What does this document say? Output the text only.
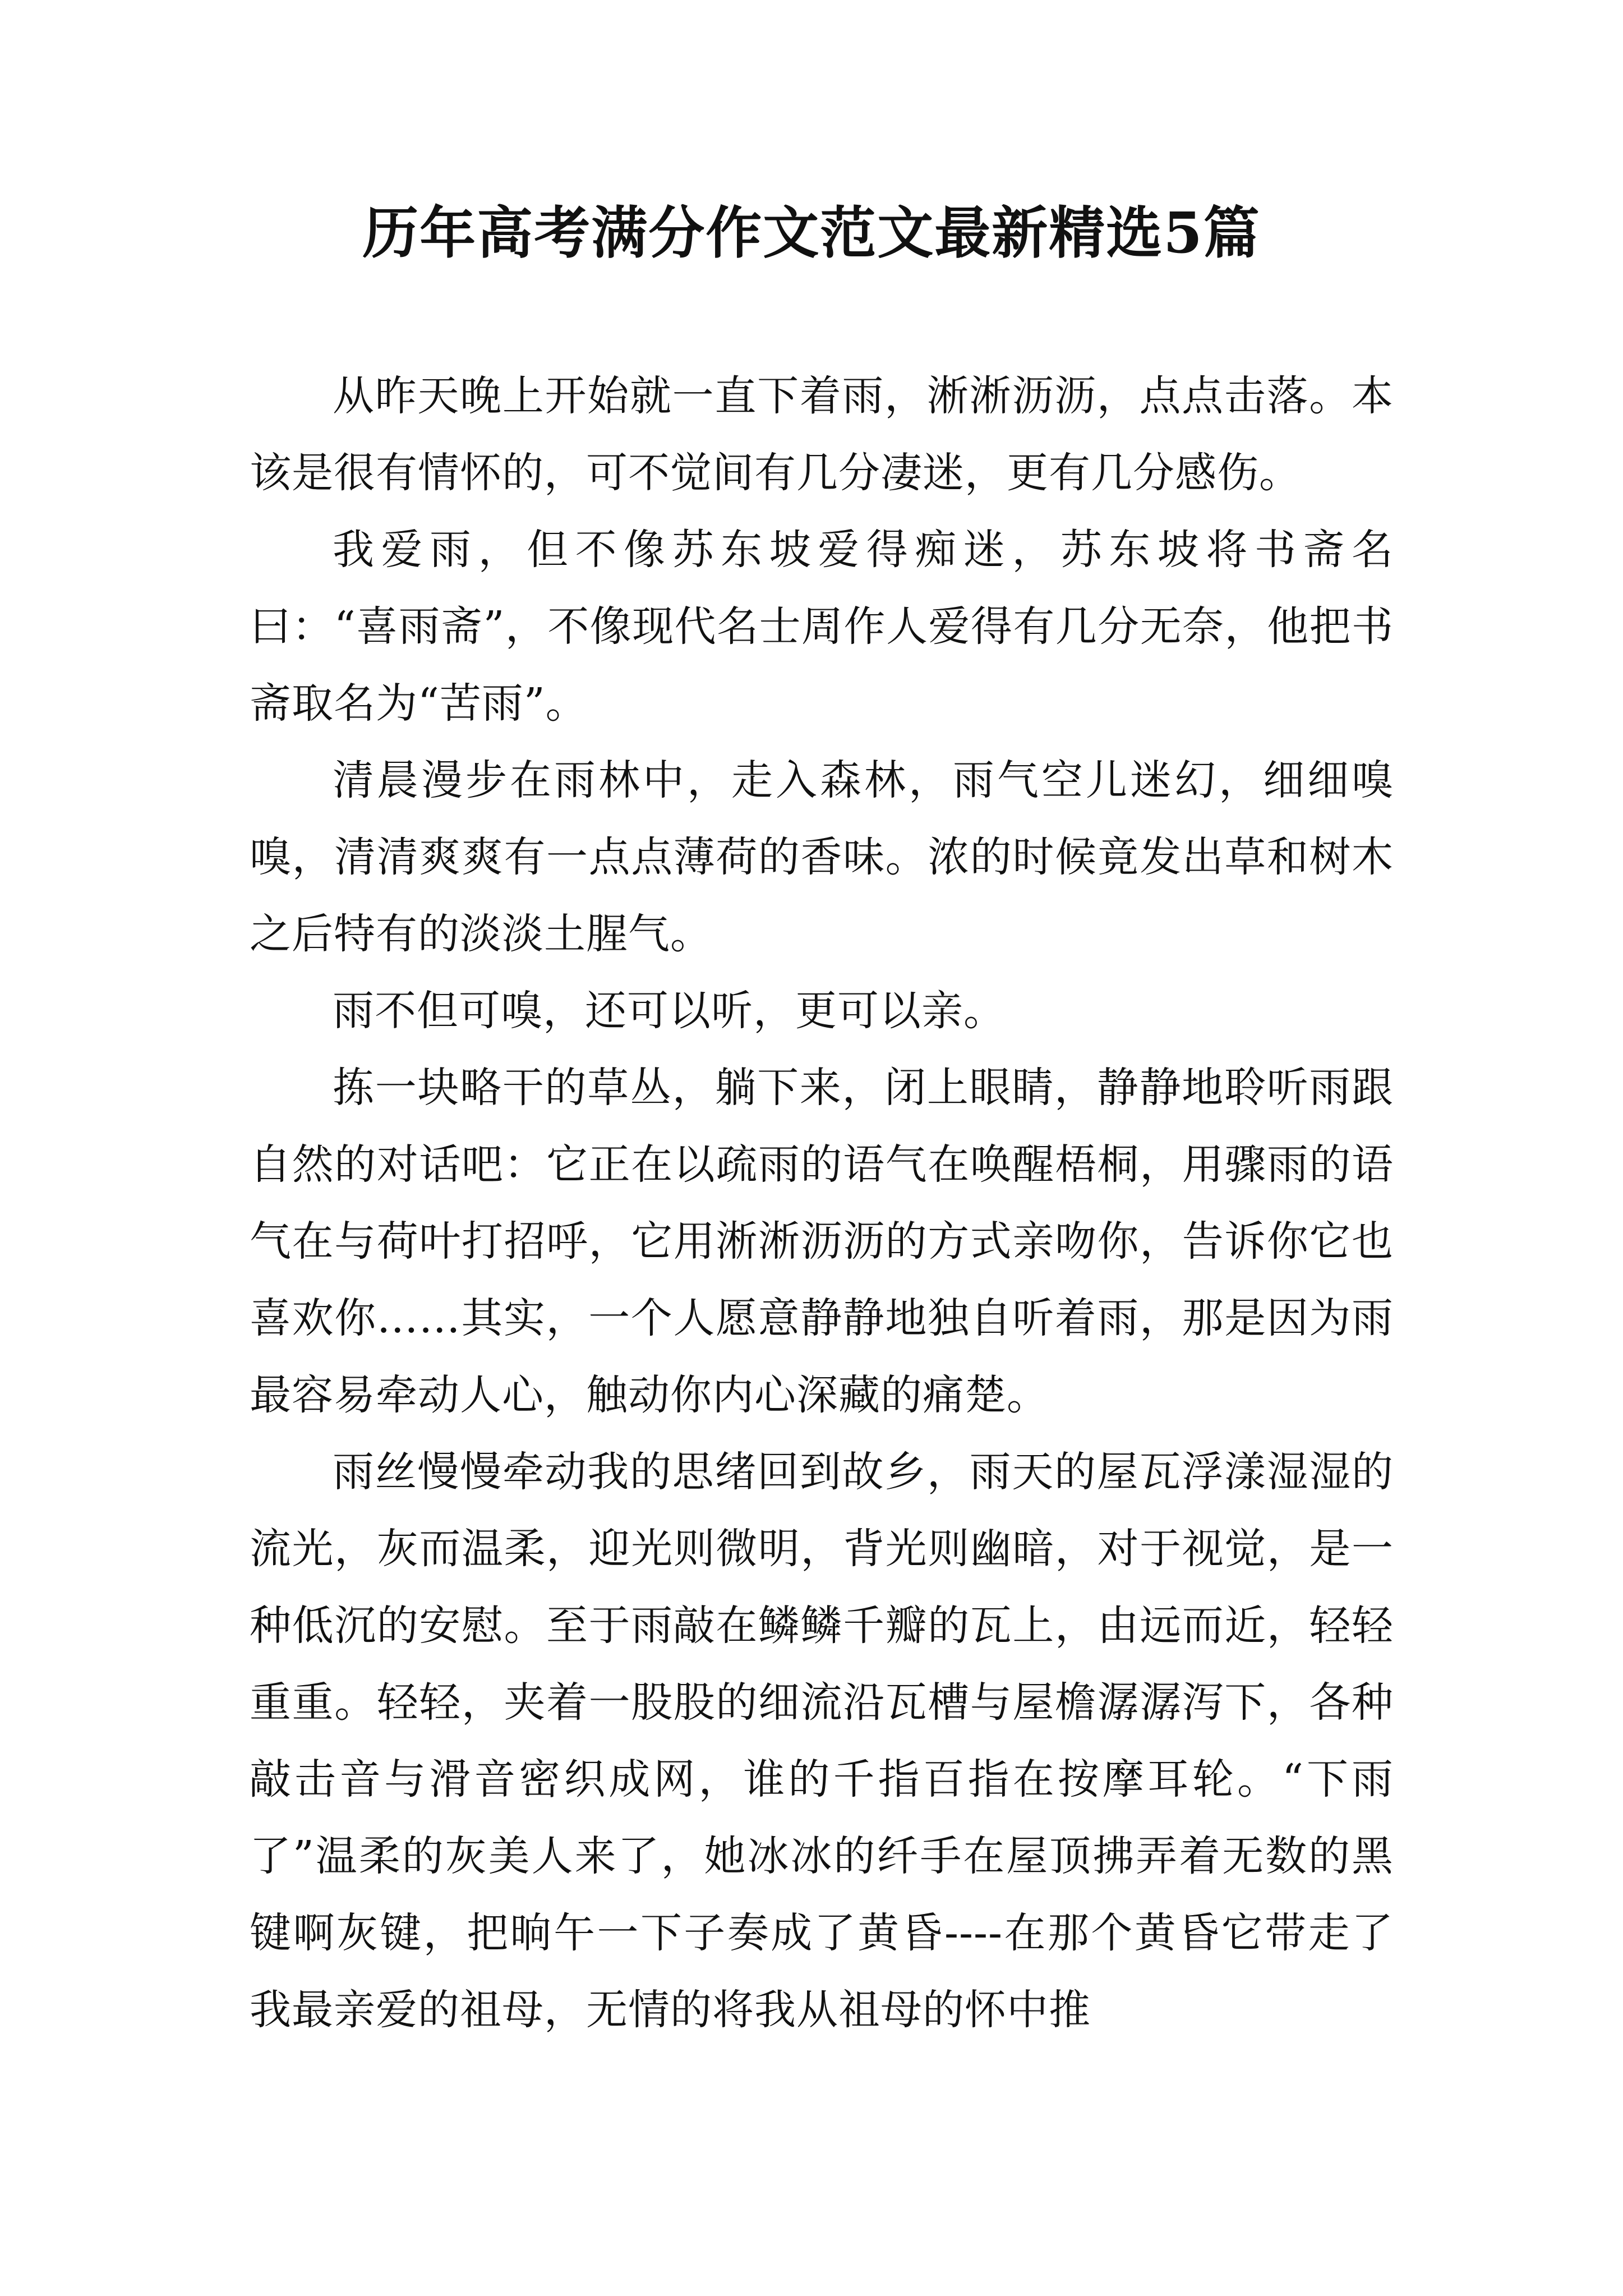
历年高考满分作文范文最新精选5篇

从昨天晚上开始就一直下着雨，淅淅沥沥，点点击落。本该是很有情怀的，可不觉间有几分凄迷，更有几分感伤。

我爱雨，但不像苏东坡爱得痴迷，苏东坡将书斋名曰：“喜雨斋”，不像现代名士周作人爱得有几分无奈，他把书斋取名为“苦雨”。

清晨漫步在雨林中，走入森林，雨气空儿迷幻，细细嗅嗅，清清爽爽有一点点薄荷的香味。浓的时候竟发出草和树木之后特有的淡淡土腥气。

雨不但可嗅，还可以听，更可以亲。

拣一块略干的草丛，躺下来，闭上眼睛，静静地聆听雨跟自然的对话吧：它正在以疏雨的语气在唤醒梧桐，用骤雨的语气在与荷叶打招呼，它用淅淅沥沥的方式亲吻你，告诉你它也喜欢你……其实，一个人愿意静静地独自听着雨，那是因为雨最容易牵动人心，触动你内心深藏的痛楚。

雨丝慢慢牵动我的思绪回到故乡，雨天的屋瓦浮漾湿湿的流光，灰而温柔，迎光则微明，背光则幽暗，对于视觉，是一种低沉的安慰。至于雨敲在鳞鳞千瓣的瓦上，由远而近，轻轻重重。轻轻，夹着一股股的细流沿瓦槽与屋檐潺潺泻下，各种敲击音与滑音密织成网，谁的千指百指在按摩耳轮。“下雨了”温柔的灰美人来了，她冰冰的纤手在屋顶拂弄着无数的黑键啊灰键，把晌午一下子奏成了黄昏----在那个黄昏它带走了我最亲爱的祖母，无情的将我从祖母的怀中推
